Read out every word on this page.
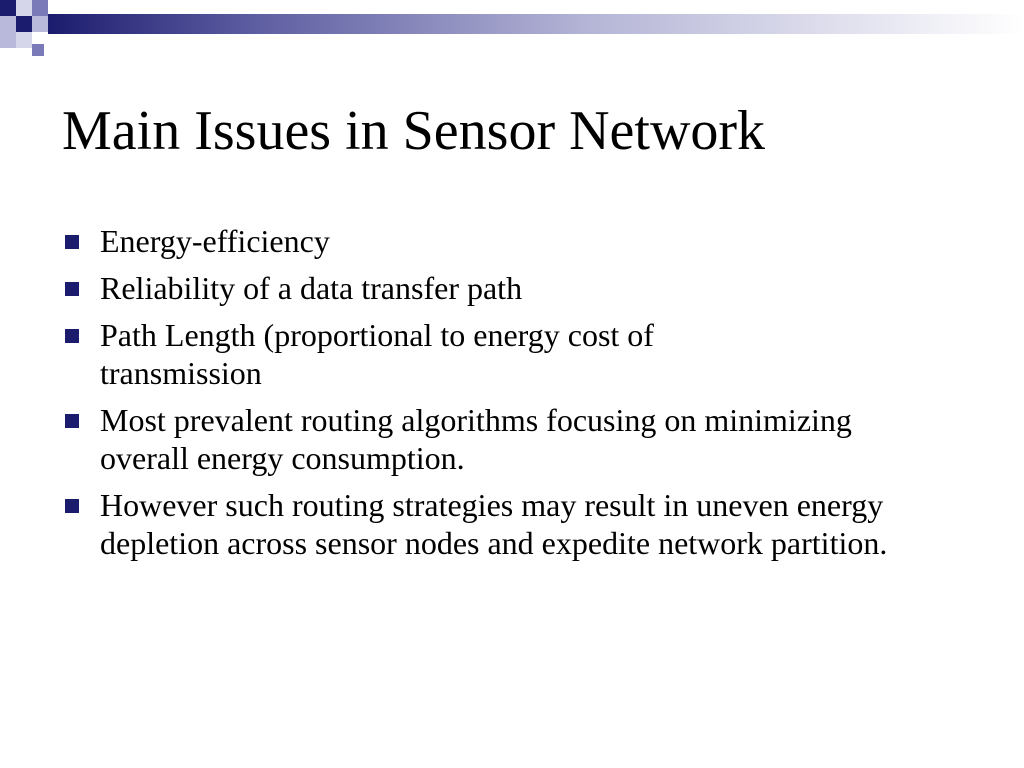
Main Issues in Sensor Network
Energy-efficiency
Reliability of a data transfer path
Path Length (proportional to energy cost of transmission
Most prevalent routing algorithms focusing on minimizing overall energy consumption.
However such routing strategies may result in uneven energy depletion across sensor nodes and expedite network partition.
